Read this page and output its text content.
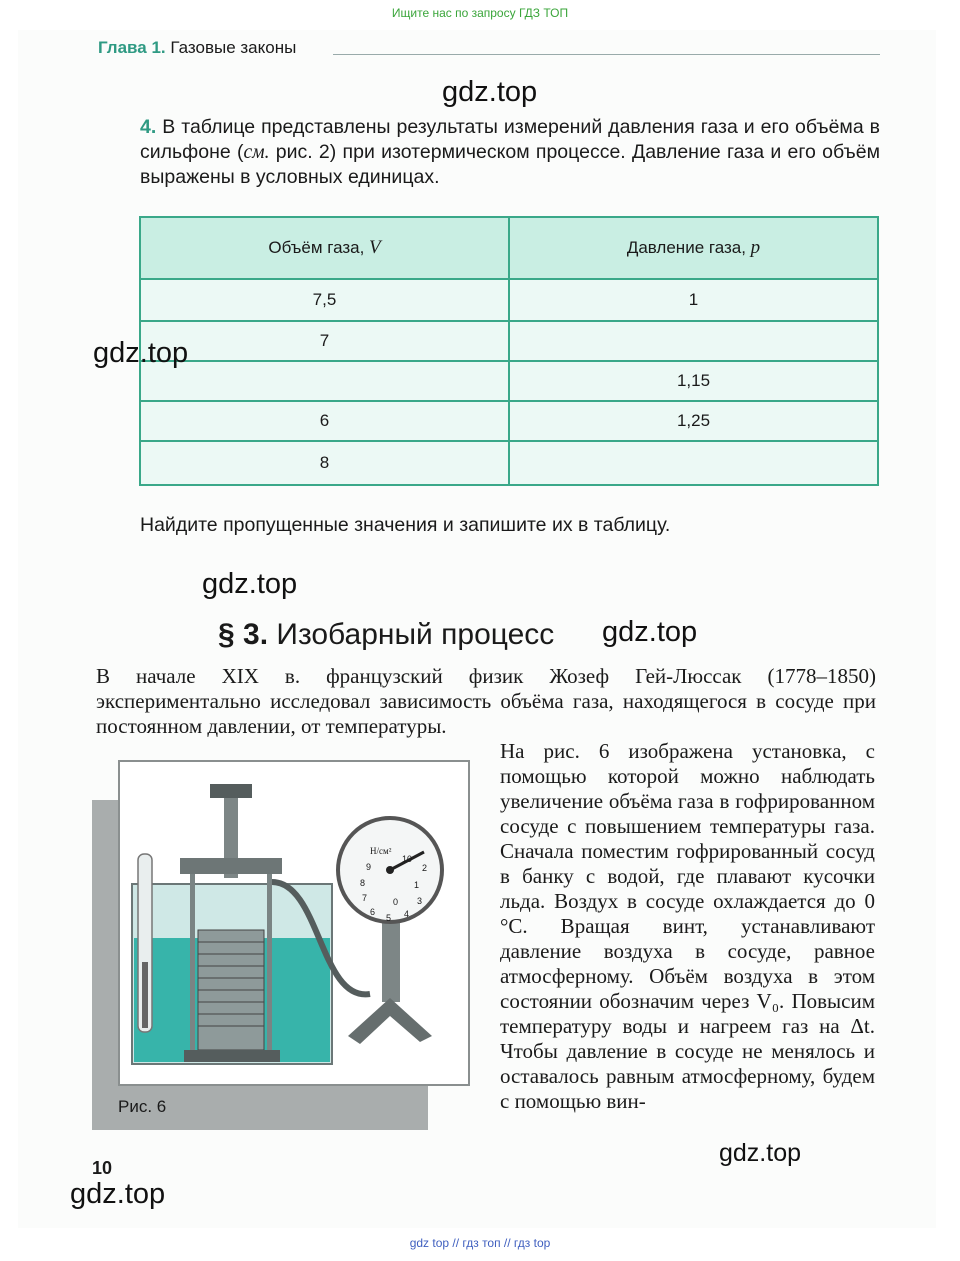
Ищите нас по запросу ГДЗ ТОП
Глава 1. Газовые законы
gdz.top
4. В таблице представлены результаты измерений давления газа и его объёма в сильфоне (см. рис. 2) при изотермическом процессе. Давление газа и его объём выражены в условных единицах.
Объём газа, V	Давление газа, p
7,5	1
7	
	1,15
6	1,25
8	
gdz.top
Найдите пропущенные значения и запишите их в таблицу.
gdz.top
§ 3. Изобарный процесс gdz.top
В начале XIX в. французский физик Жозеф Гей-Люссак (1778–1850) экспериментально исследовал зависимость объёма газа, находящегося в сосуде при постоянном давлении, от температуры.
На рис. 6 изображена установка, с помощью которой можно наблюдать увеличение объёма газа в гофрированном сосуде с повышением температуры газа. Сначала поместим гофрированный сосуд в банку с водой, где плавают кусочки льда. Воздух в сосуде охлаждается до 0 °С. Вращая винт, устанавливают давление воздуха в сосуде, равное атмосферному. Объём воздуха в этом состоянии обозначим через V₀. Повысим температуру воды и нагреем газ на Δt. Чтобы давление в сосуде не менялось и оставалось равным атмосферному, будем с помощью вин-
Н/см²
0
1
2
3
4
5
6
7
8
9
10
Рис. 6
gdz.top
10
gdz.top
gdz top // гдз топ // гдз top
